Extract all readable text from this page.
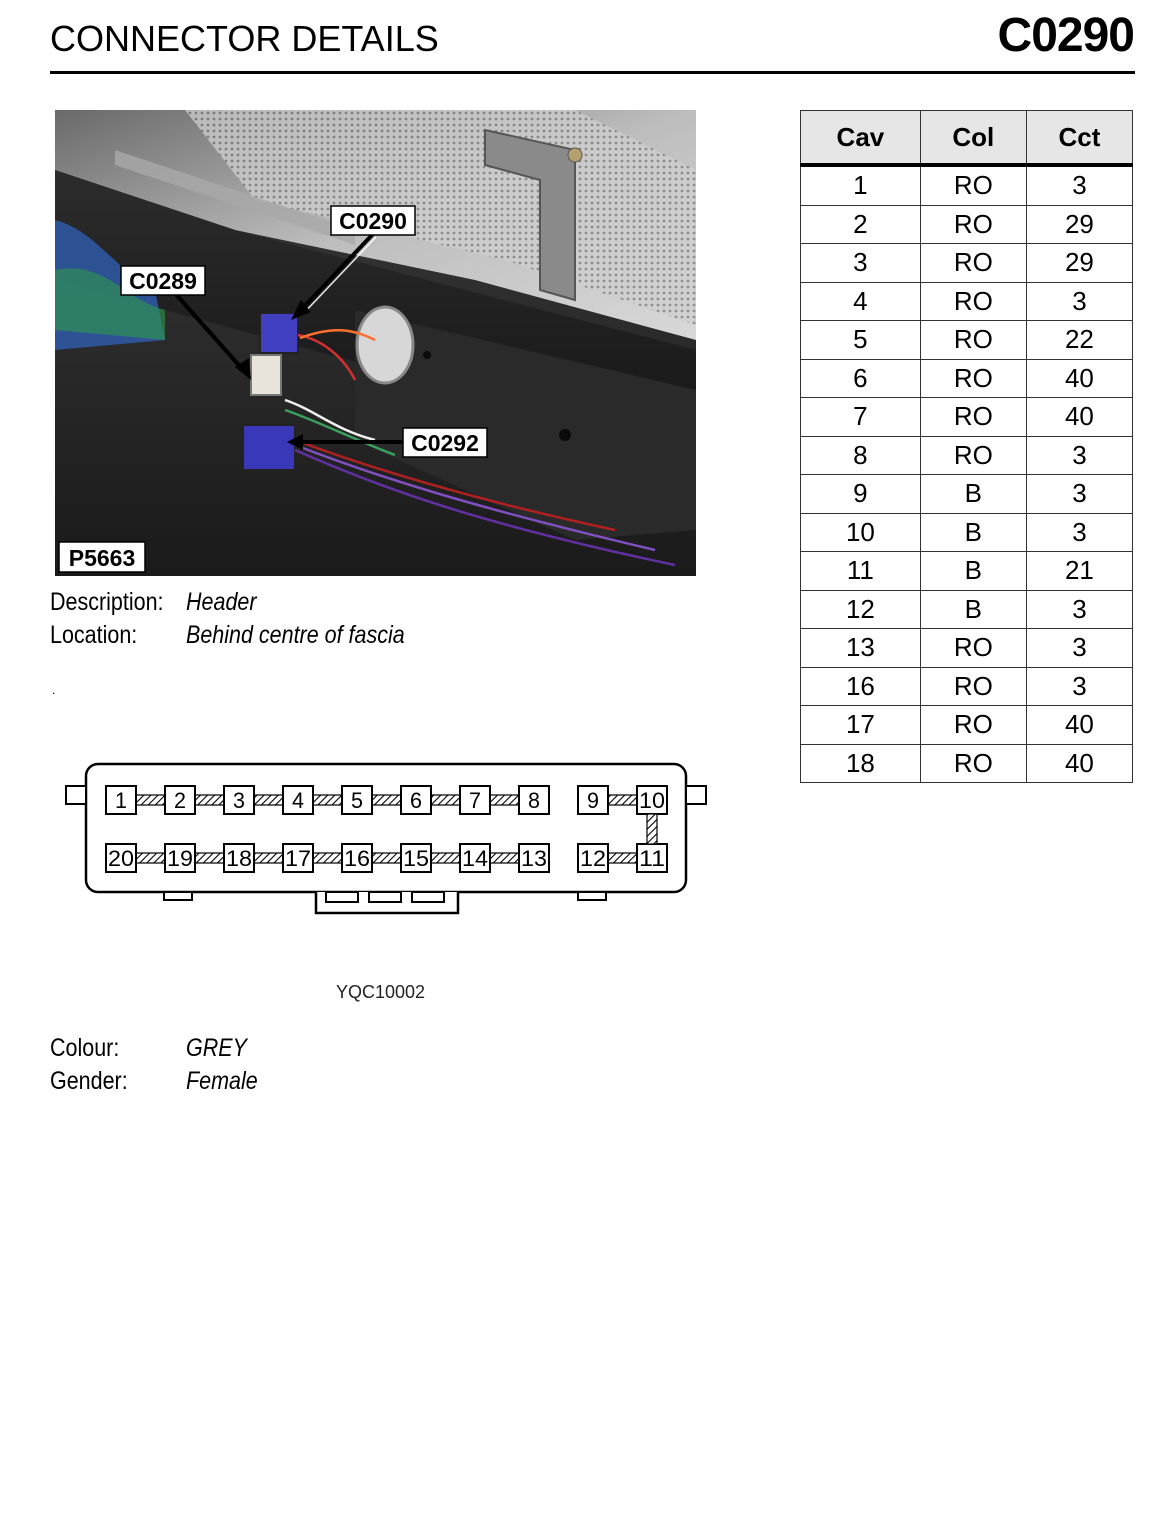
CONNECTOR DETAILS	C0290
C0290
C0289
C0292
P5663
Description: Header
Location: Behind centre of fascia
.
1 2 3 4 5 6 7 8 9 10
20 19 18 17 16 15 14 13 12 11
YQC10002
Colour:	GREY
Gender: Female
Cav	Col	Cct
1	RO	3
2	RO	29
3	RO	29
4	RO	3
5	RO	22
6	RO	40
7	RO	40
8	RO	3
9	B	3
10	B	3
11	B	21
12	B	3
13	RO	3
16	RO	3
17	RO	40
18	RO	40
